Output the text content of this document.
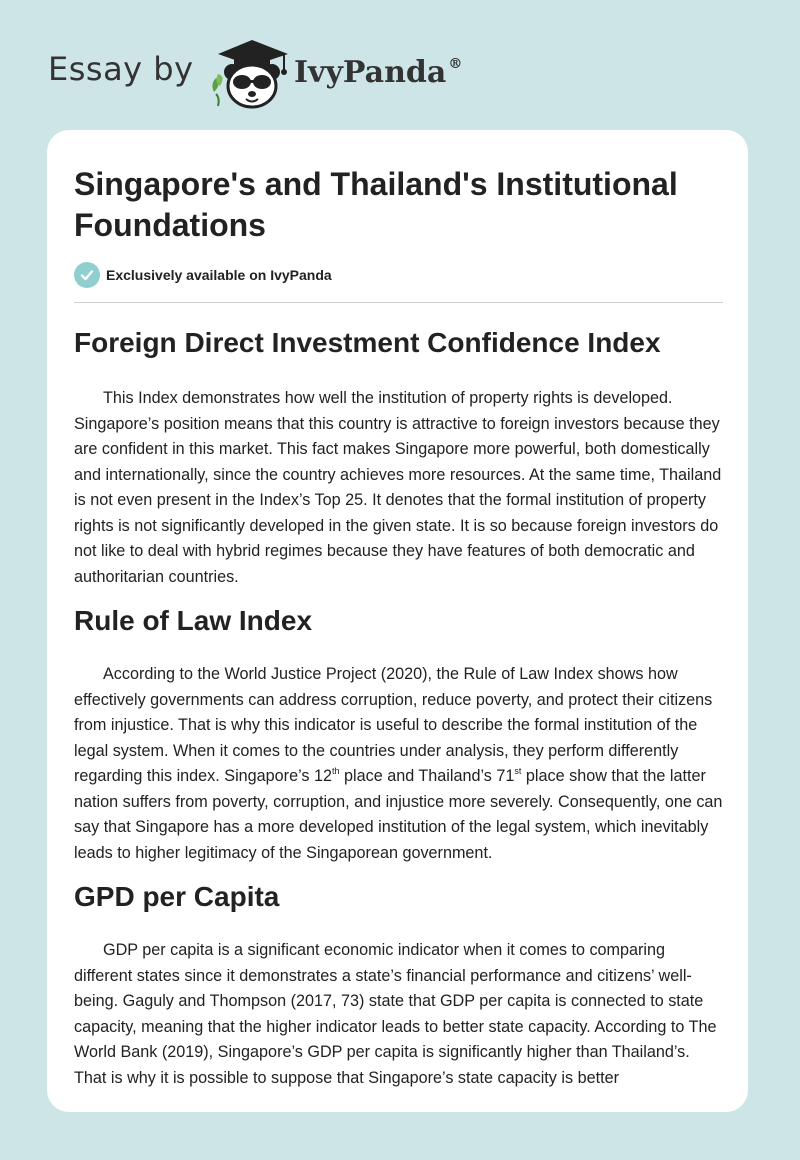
Essay by	IvyPanda ®
Singapore's and Thailand's Institutional Foundations
Exclusively available on IvyPanda
Foreign Direct Investment Confidence Index

This Index demonstrates how well the institution of property rights is developed. Singapore’s position means that this country is attractive to foreign investors because they are confident in this market. This fact makes Singapore more powerful, both domestically and internationally, since the country achieves more resources. At the same time, Thailand is not even present in the Index’s Top 25. It denotes that the formal institution of property rights is not significantly developed in the given state. It is so because foreign investors do not like to deal with hybrid regimes because they have features of both democratic and authoritarian countries.

Rule of Law Index

According to the World Justice Project (2020), the Rule of Law Index shows how effectively governments can address corruption, reduce poverty, and protect their citizens from injustice. That is why this indicator is useful to describe the formal institution of the legal system. When it comes to the countries under analysis, they perform differently regarding this index. Singapore’s 12th place and Thailand’s 71st place show that the latter nation suffers from poverty, corruption, and injustice more severely. Consequently, one can say that Singapore has a more developed institution of the legal system, which inevitably leads to higher legitimacy of the Singaporean government.

GPD per Capita

GDP per capita is a significant economic indicator when it comes to comparing different states since it demonstrates a state’s financial performance and citizens’ well-being. Gaguly and Thompson (2017, 73) state that GDP per capita is connected to state capacity, meaning that the higher indicator leads to better state capacity. According to The World Bank (2019), Singapore’s GDP per capita is significantly higher than Thailand’s. That is why it is possible to suppose that Singapore’s state capacity is better
